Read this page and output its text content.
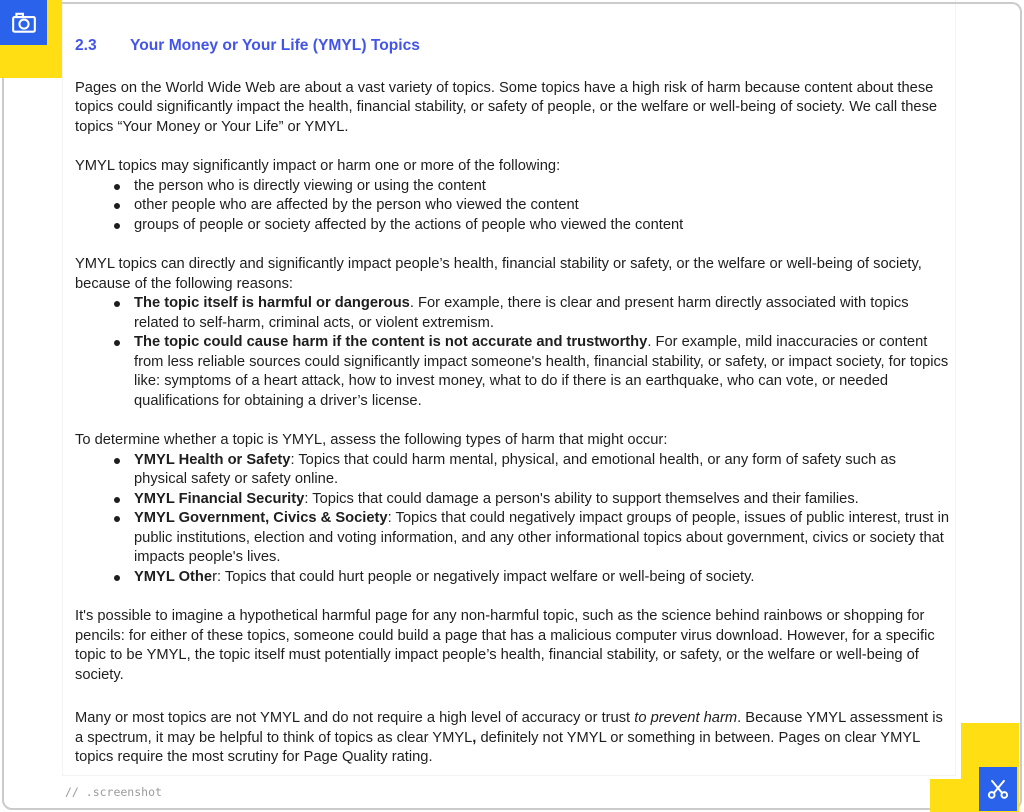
2.3 Your Money or Your Life (YMYL) Topics

Pages on the World Wide Web are about a vast variety of topics. Some topics have a high risk of harm because content about these topics could significantly impact the health, financial stability, or safety of people, or the welfare or well-being of society. We call these topics “Your Money or Your Life” or YMYL.

YMYL topics may significantly impact or harm one or more of the following:

the person who is directly viewing or using the content
other people who are affected by the person who viewed the content
groups of people or society affected by the actions of people who viewed the content

YMYL topics can directly and significantly impact people’s health, financial stability or safety, or the welfare or well-being of society, because of the following reasons:

The topic itself is harmful or dangerous. For example, there is clear and present harm directly associated with topics related to self-harm, criminal acts, or violent extremism.
The topic could cause harm if the content is not accurate and trustworthy. For example, mild inaccuracies or content from less reliable sources could significantly impact someone's health, financial stability, or safety, or impact society, for topics like: symptoms of a heart attack, how to invest money, what to do if there is an earthquake, who can vote, or needed qualifications for obtaining a driver’s license.

To determine whether a topic is YMYL, assess the following types of harm that might occur:

YMYL Health or Safety: Topics that could harm mental, physical, and emotional health, or any form of safety such as physical safety or safety online.
YMYL Financial Security: Topics that could damage a person's ability to support themselves and their families.
YMYL Government, Civics & Society: Topics that could negatively impact groups of people, issues of public interest, trust in public institutions, election and voting information, and any other informational topics about government, civics or society that impacts people's lives.
YMYL Other: Topics that could hurt people or negatively impact welfare or well-being of society.

It's possible to imagine a hypothetical harmful page for any non-harmful topic, such as the science behind rainbows or shopping for pencils: for either of these topics, someone could build a page that has a malicious computer virus download. However, for a specific topic to be YMYL, the topic itself must potentially impact people’s health, financial stability, or safety, or the welfare or well-being of society.

Many or most topics are not YMYL and do not require a high level of accuracy or trust to prevent harm. Because YMYL assessment is a spectrum, it may be helpful to think of topics as clear YMYL, definitely not YMYL or something in between. Pages on clear YMYL topics require the most scrutiny for Page Quality rating.

// .screenshot
